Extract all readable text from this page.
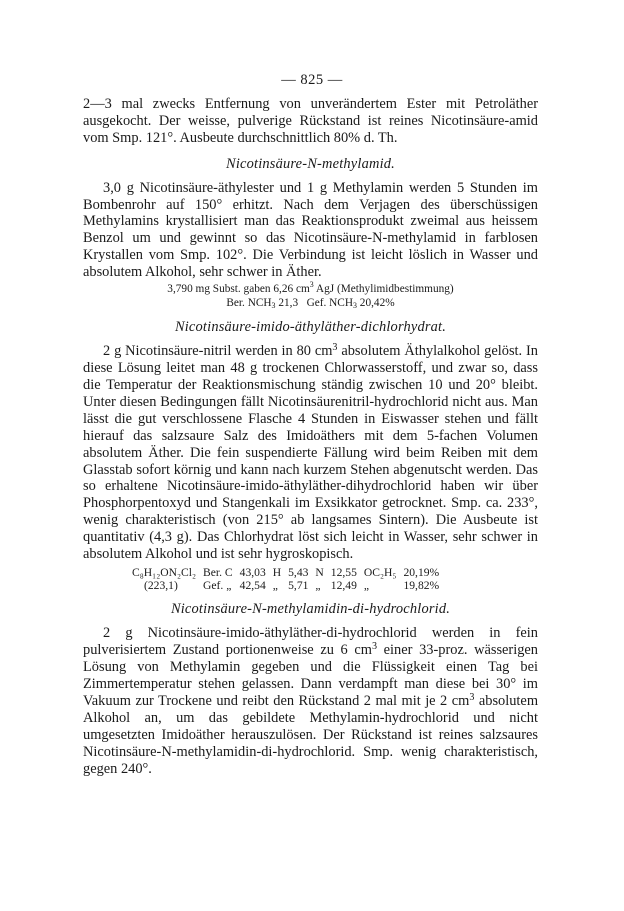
— 825 —

2—3 mal zwecks Entfernung von unverändertem Ester mit Petroläther ausgekocht. Der weisse, pulverige Rückstand ist reines Nicotinsäure-amid vom Smp. 121°. Ausbeute durchschnittlich 80% d. Th.

Nicotinsäure-N-methylamid.

3,0 g Nicotinsäure-äthylester und 1 g Methylamin werden 5 Stunden im Bombenrohr auf 150° erhitzt. Nach dem Verjagen des überschüssigen Methylamins krystallisiert man das Reaktionsprodukt zweimal aus heissem Benzol um und gewinnt so das Nicotinsäure-N-methylamid in farblosen Krystallen vom Smp. 102°. Die Verbindung ist leicht löslich in Wasser und absolutem Alkohol, sehr schwer in Äther.

3,790 mg Subst. gaben 6,26 $cm^3$ AgJ (Methylimidbestimmung)
Ber. $NCH_3$ 21,3   Gef. $NCH_3$ 20,42%
Nicotinsäure-imido-äthyläther-dichlorhydrat.

2 g Nicotinsäure-nitril werden in 80 $cm^3$ absolutem Äthylalkohol gelöst. In diese Lösung leitet man 48 g trockenen Chlorwasserstoff, und zwar so, dass die Temperatur der Reaktionsmischung ständig zwischen 10 und 20° bleibt. Unter diesen Bedingungen fällt Nicotinsäurenitril-hydrochlorid nicht aus. Man lässt die gut verschlossene Flasche 4 Stunden in Eiswasser stehen und fällt hierauf das salzsaure Salz des Imidoäthers mit dem 5-fachen Volumen absolutem Äther. Die fein suspendierte Fällung wird beim Reiben mit dem Glasstab sofort körnig und kann nach kurzem Stehen abgenutscht werden. Das so erhaltene Nicotinsäure-imido-äthyläther-dihydrochlorid haben wir über Phosphorpentoxyd und Stangenkali im Exsikkator getrocknet. Smp. ca. 233°, wenig charakteristisch (von 215° ab langsames Sintern). Die Ausbeute ist quantitativ (4,3 g). Das Chlorhydrat löst sich leicht in Wasser, sehr schwer in absolutem Alkohol und ist sehr hygroskopisch.

C₈H₁₂ON₂Cl₂	Ber. C	43,03	H	5,43	N	12,55	OC₂H₅	20,19%
(223,1)	Gef. „	42,54	„	5,71	„	12,49	„	19,82%
Nicotinsäure-N-methylamidin-di-hydrochlorid.

2 g Nicotinsäure-imido-äthyläther-di-hydrochlorid werden in fein pulverisiertem Zustand portionenweise zu 6 $cm^3$ einer 33-proz. wässerigen Lösung von Methylamin gegeben und die Flüssigkeit einen Tag bei Zimmertemperatur stehen gelassen. Dann verdampft man diese bei 30° im Vakuum zur Trockene und reibt den Rückstand 2 mal mit je 2 $cm^3$ absolutem Alkohol an, um das gebildete Methylamin-hydrochlorid und nicht umgesetzten Imidoäther herauszulösen. Der Rückstand ist reines salzsaures Nicotinsäure-N-methylamidin-di-hydrochlorid. Smp. wenig charakteristisch, gegen 240°.
